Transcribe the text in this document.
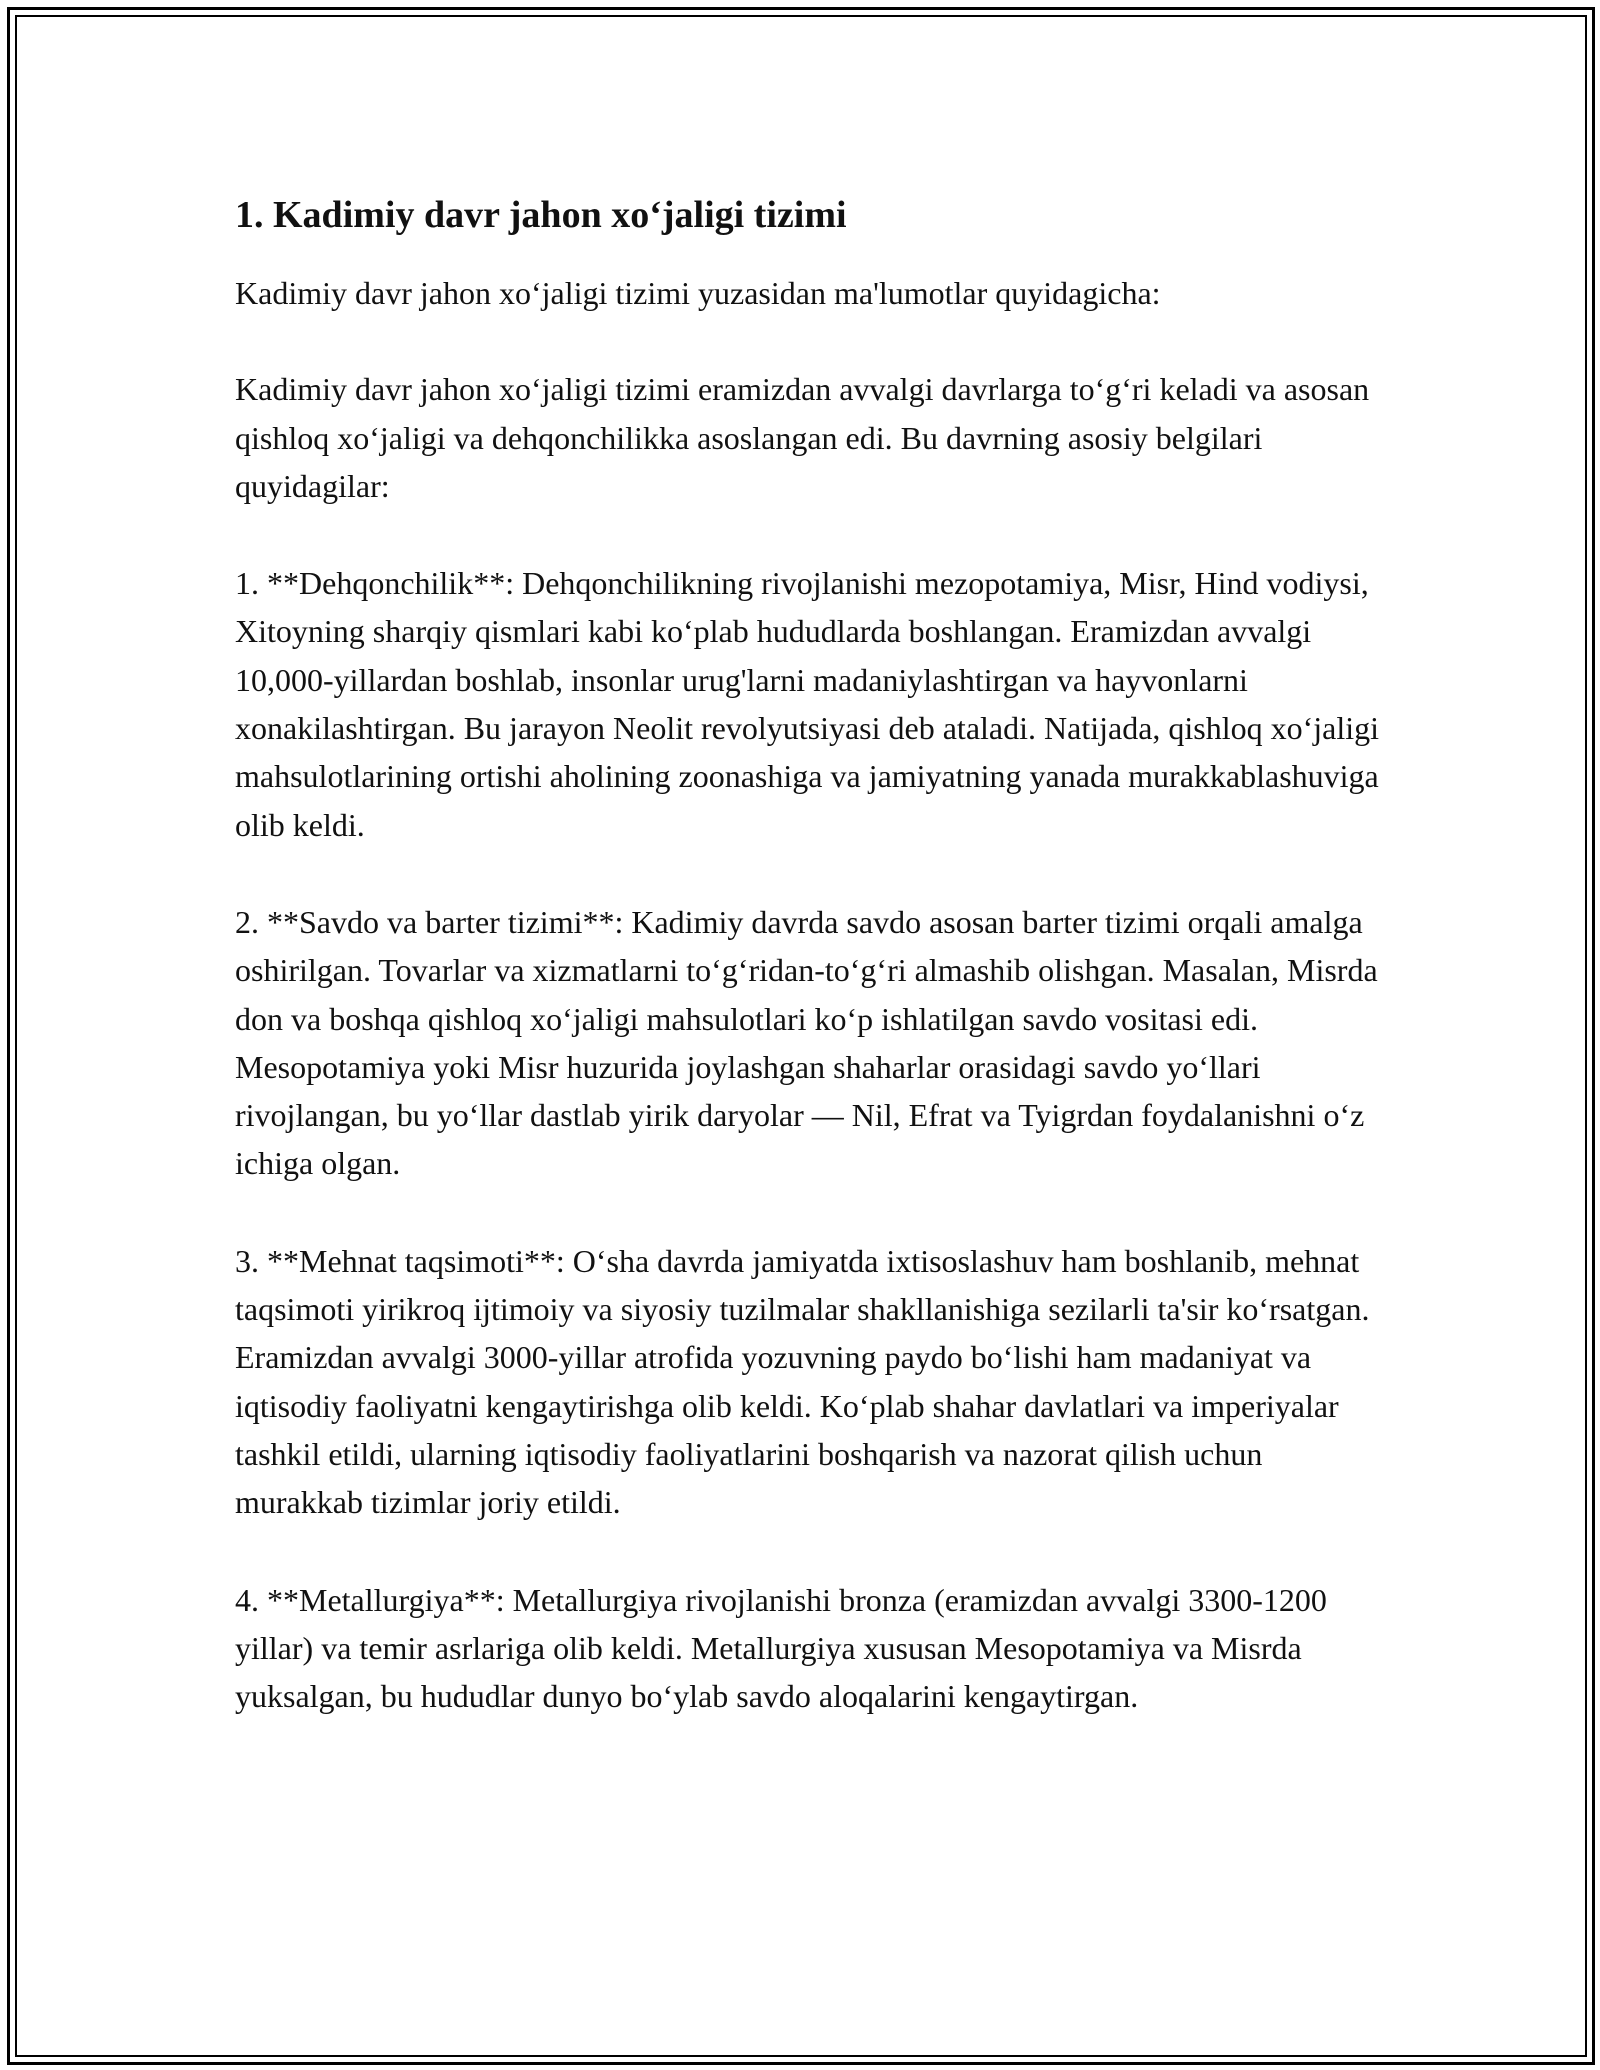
1. Kadimiy davr jahon xo‘jaligi tizimi

Kadimiy davr jahon xo‘jaligi tizimi yuzasidan ma'lumotlar quyidagicha:

Kadimiy davr jahon xo‘jaligi tizimi eramizdan avvalgi davrlarga to‘g‘ri keladi va asosan qishloq xo‘jaligi va dehqonchilikka asoslangan edi. Bu davrning asosiy belgilari quyidagilar:

1. **Dehqonchilik**: Dehqonchilikning rivojlanishi mezopotamiya, Misr, Hind vodiysi, Xitoyning sharqiy qismlari kabi ko‘plab hududlarda boshlangan. Eramizdan avvalgi 10,000-yillardan boshlab, insonlar urug'larni madaniylashtirgan va hayvonlarni xonakilashtirgan. Bu jarayon Neolit revolyutsiyasi deb ataladi. Natijada, qishloq xo‘jaligi mahsulotlarining ortishi aholining zoonashiga va jamiyatning yanada murakkablashuviga olib keldi.

2. **Savdo va barter tizimi**: Kadimiy davrda savdo asosan barter tizimi orqali amalga oshirilgan. Tovarlar va xizmatlarni to‘g‘ridan-to‘g‘ri almashib olishgan. Masalan, Misrda don va boshqa qishloq xo‘jaligi mahsulotlari ko‘p ishlatilgan savdo vositasi edi. Mesopotamiya yoki Misr huzurida joylashgan shaharlar orasidagi savdo yo‘llari rivojlangan, bu yo‘llar dastlab yirik daryolar — Nil, Efrat va Tyigrdan foydalanishni o‘z ichiga olgan.

3. **Mehnat taqsimoti**: O‘sha davrda jamiyatda ixtisoslashuv ham boshlanib, mehnat taqsimoti yirikroq ijtimoiy va siyosiy tuzilmalar shakllanishiga sezilarli ta'sir ko‘rsatgan. Eramizdan avvalgi 3000-yillar atrofida yozuvning paydo bo‘lishi ham madaniyat va iqtisodiy faoliyatni kengaytirishga olib keldi. Ko‘plab shahar davlatlari va imperiyalar tashkil etildi, ularning iqtisodiy faoliyatlarini boshqarish va nazorat qilish uchun murakkab tizimlar joriy etildi.

4. **Metallurgiya**: Metallurgiya rivojlanishi bronza (eramizdan avvalgi 3300-1200 yillar) va temir asrlariga olib keldi. Metallurgiya xususan Mesopotamiya va Misrda yuksalgan, bu hududlar dunyo bo‘ylab savdo aloqalarini kengaytirgan.
